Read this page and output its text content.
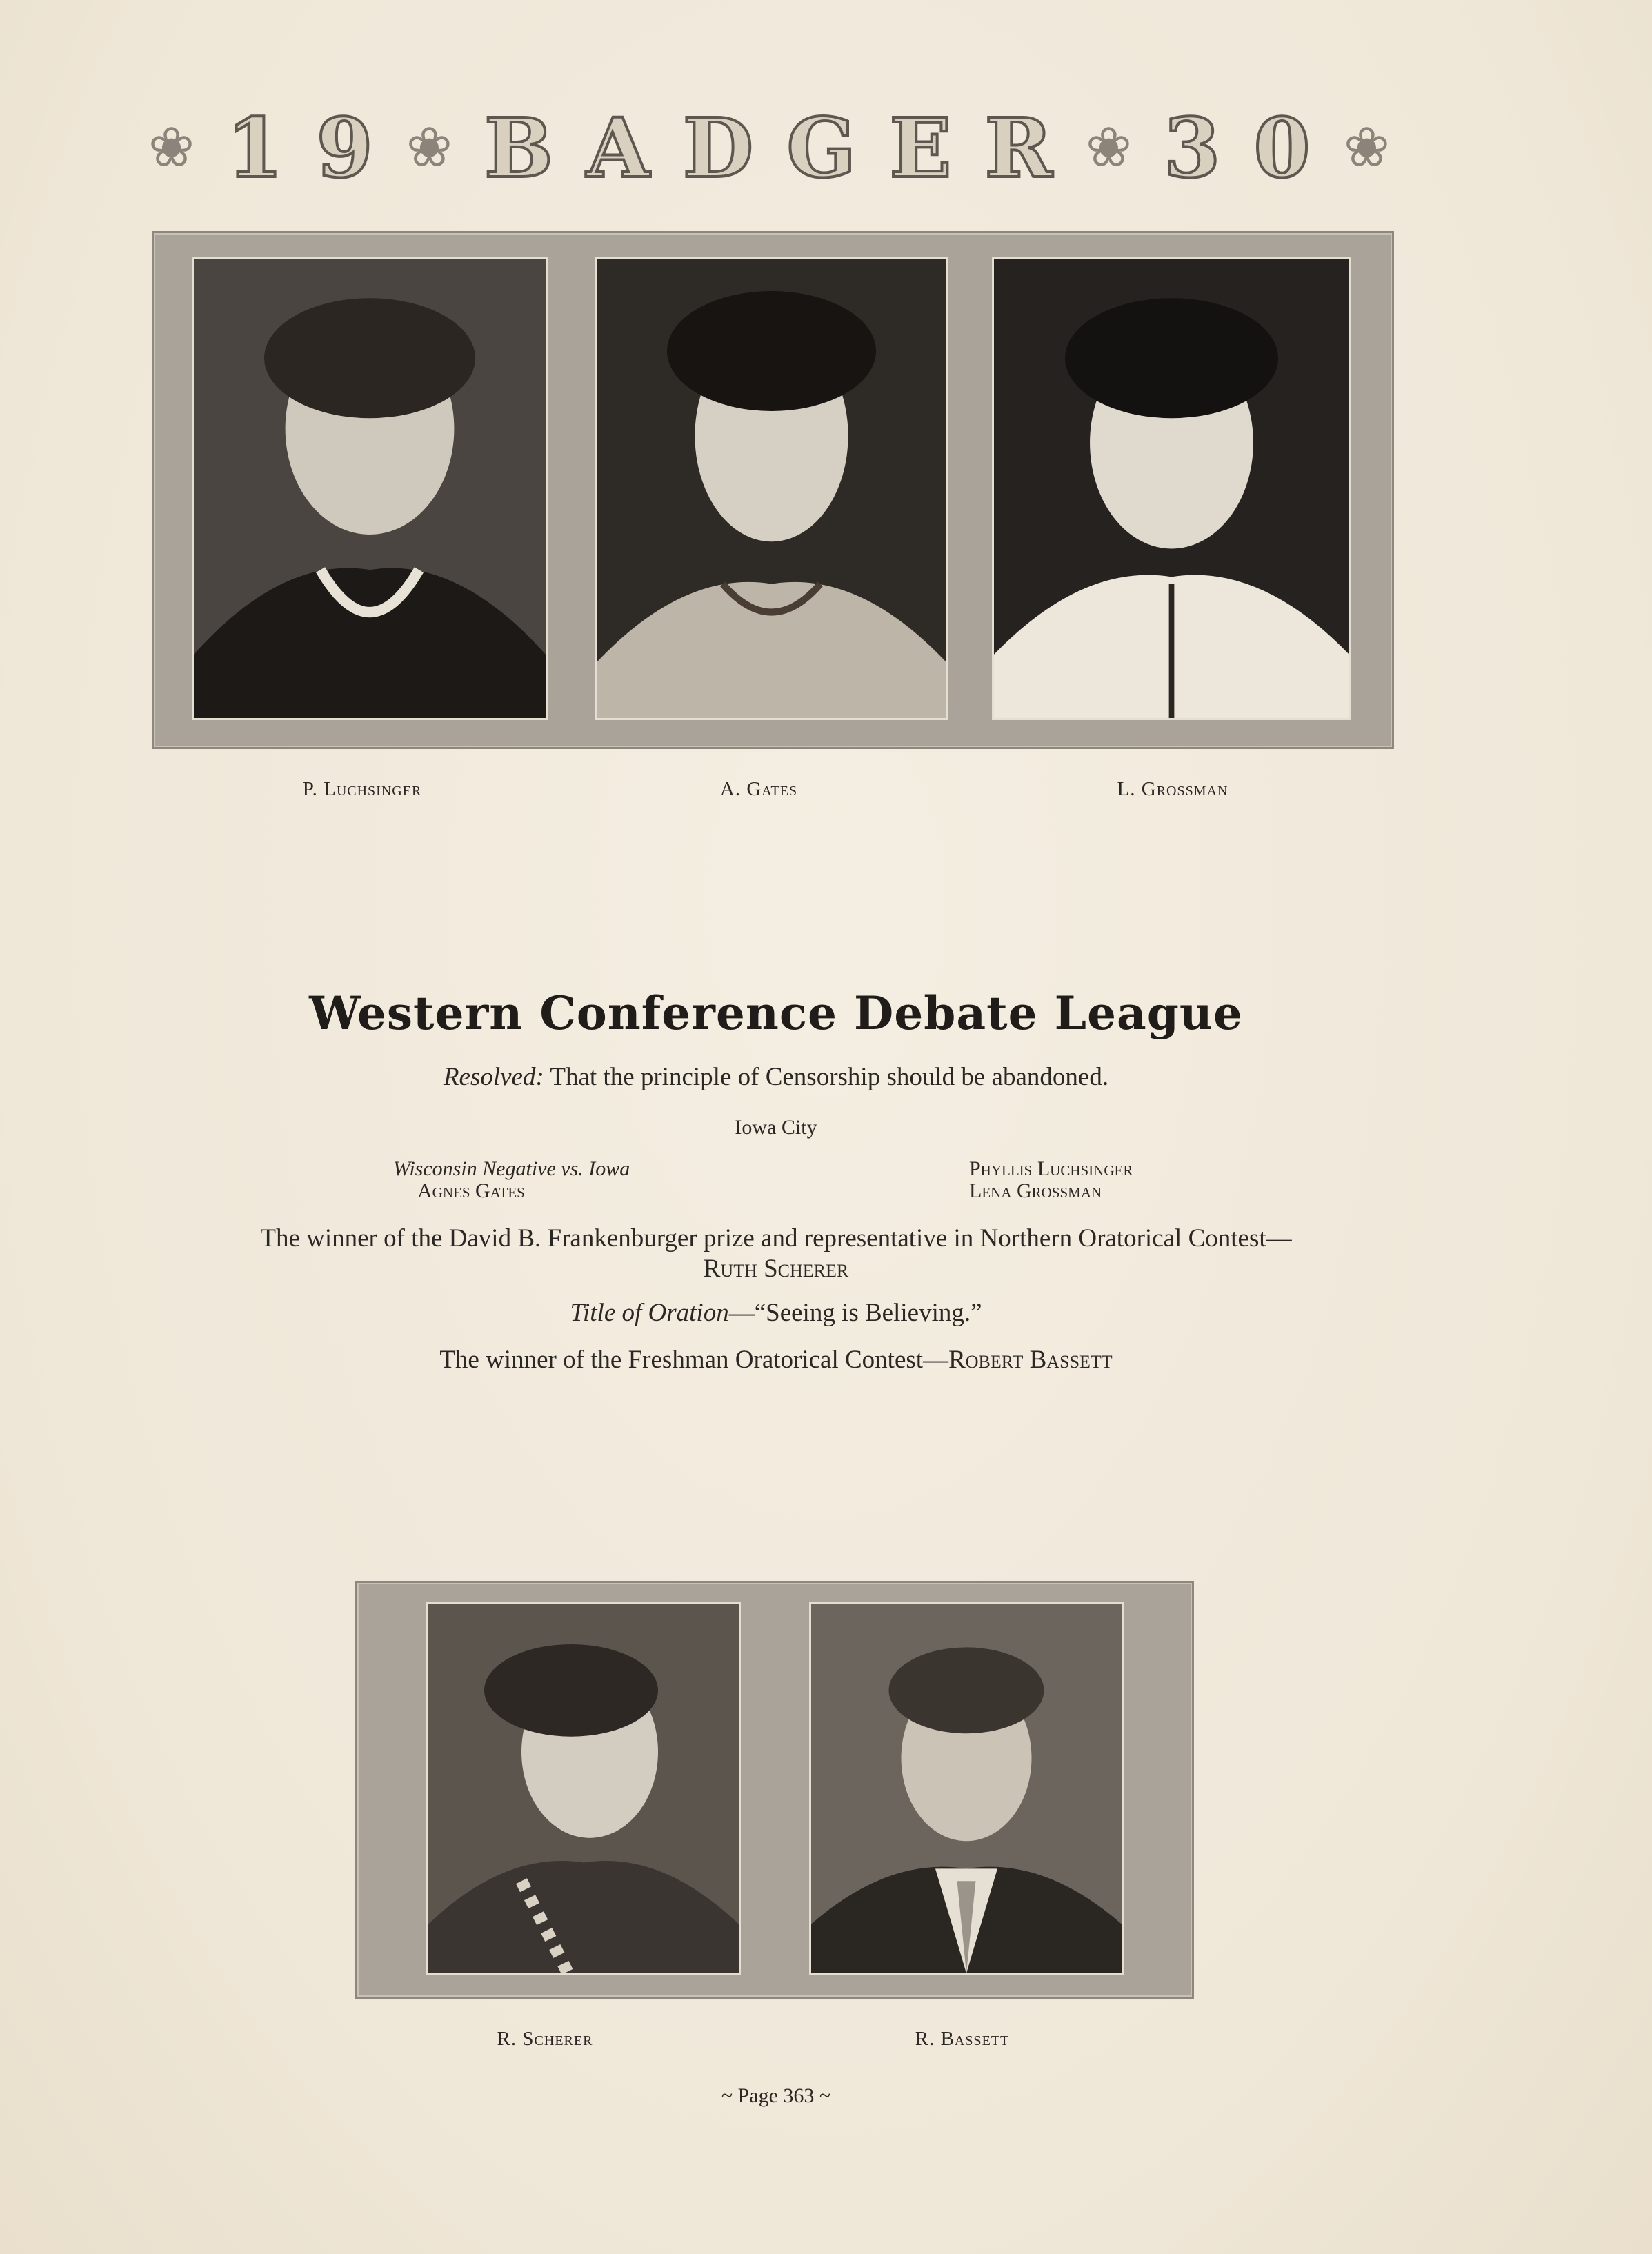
❀ 1 9 ❀ B A D G E R ❀ 3 0 ❀
P. Luchsinger	A. Gates	L. Grossman
Western Conference Debate League
Resolved: That the principle of Censorship should be abandoned.
Iowa City
Wisconsin Negative vs. Iowa
Agnes Gates
Phyllis Luchsinger
Lena Grossman
The winner of the David B. Frankenburger prize and representative in Northern Oratorical Contest—
Ruth Scherer
Title of Oration—“Seeing is Believing.”
The winner of the Freshman Oratorical Contest—Robert Bassett
R. Scherer	R. Bassett
~ Page 363 ~
